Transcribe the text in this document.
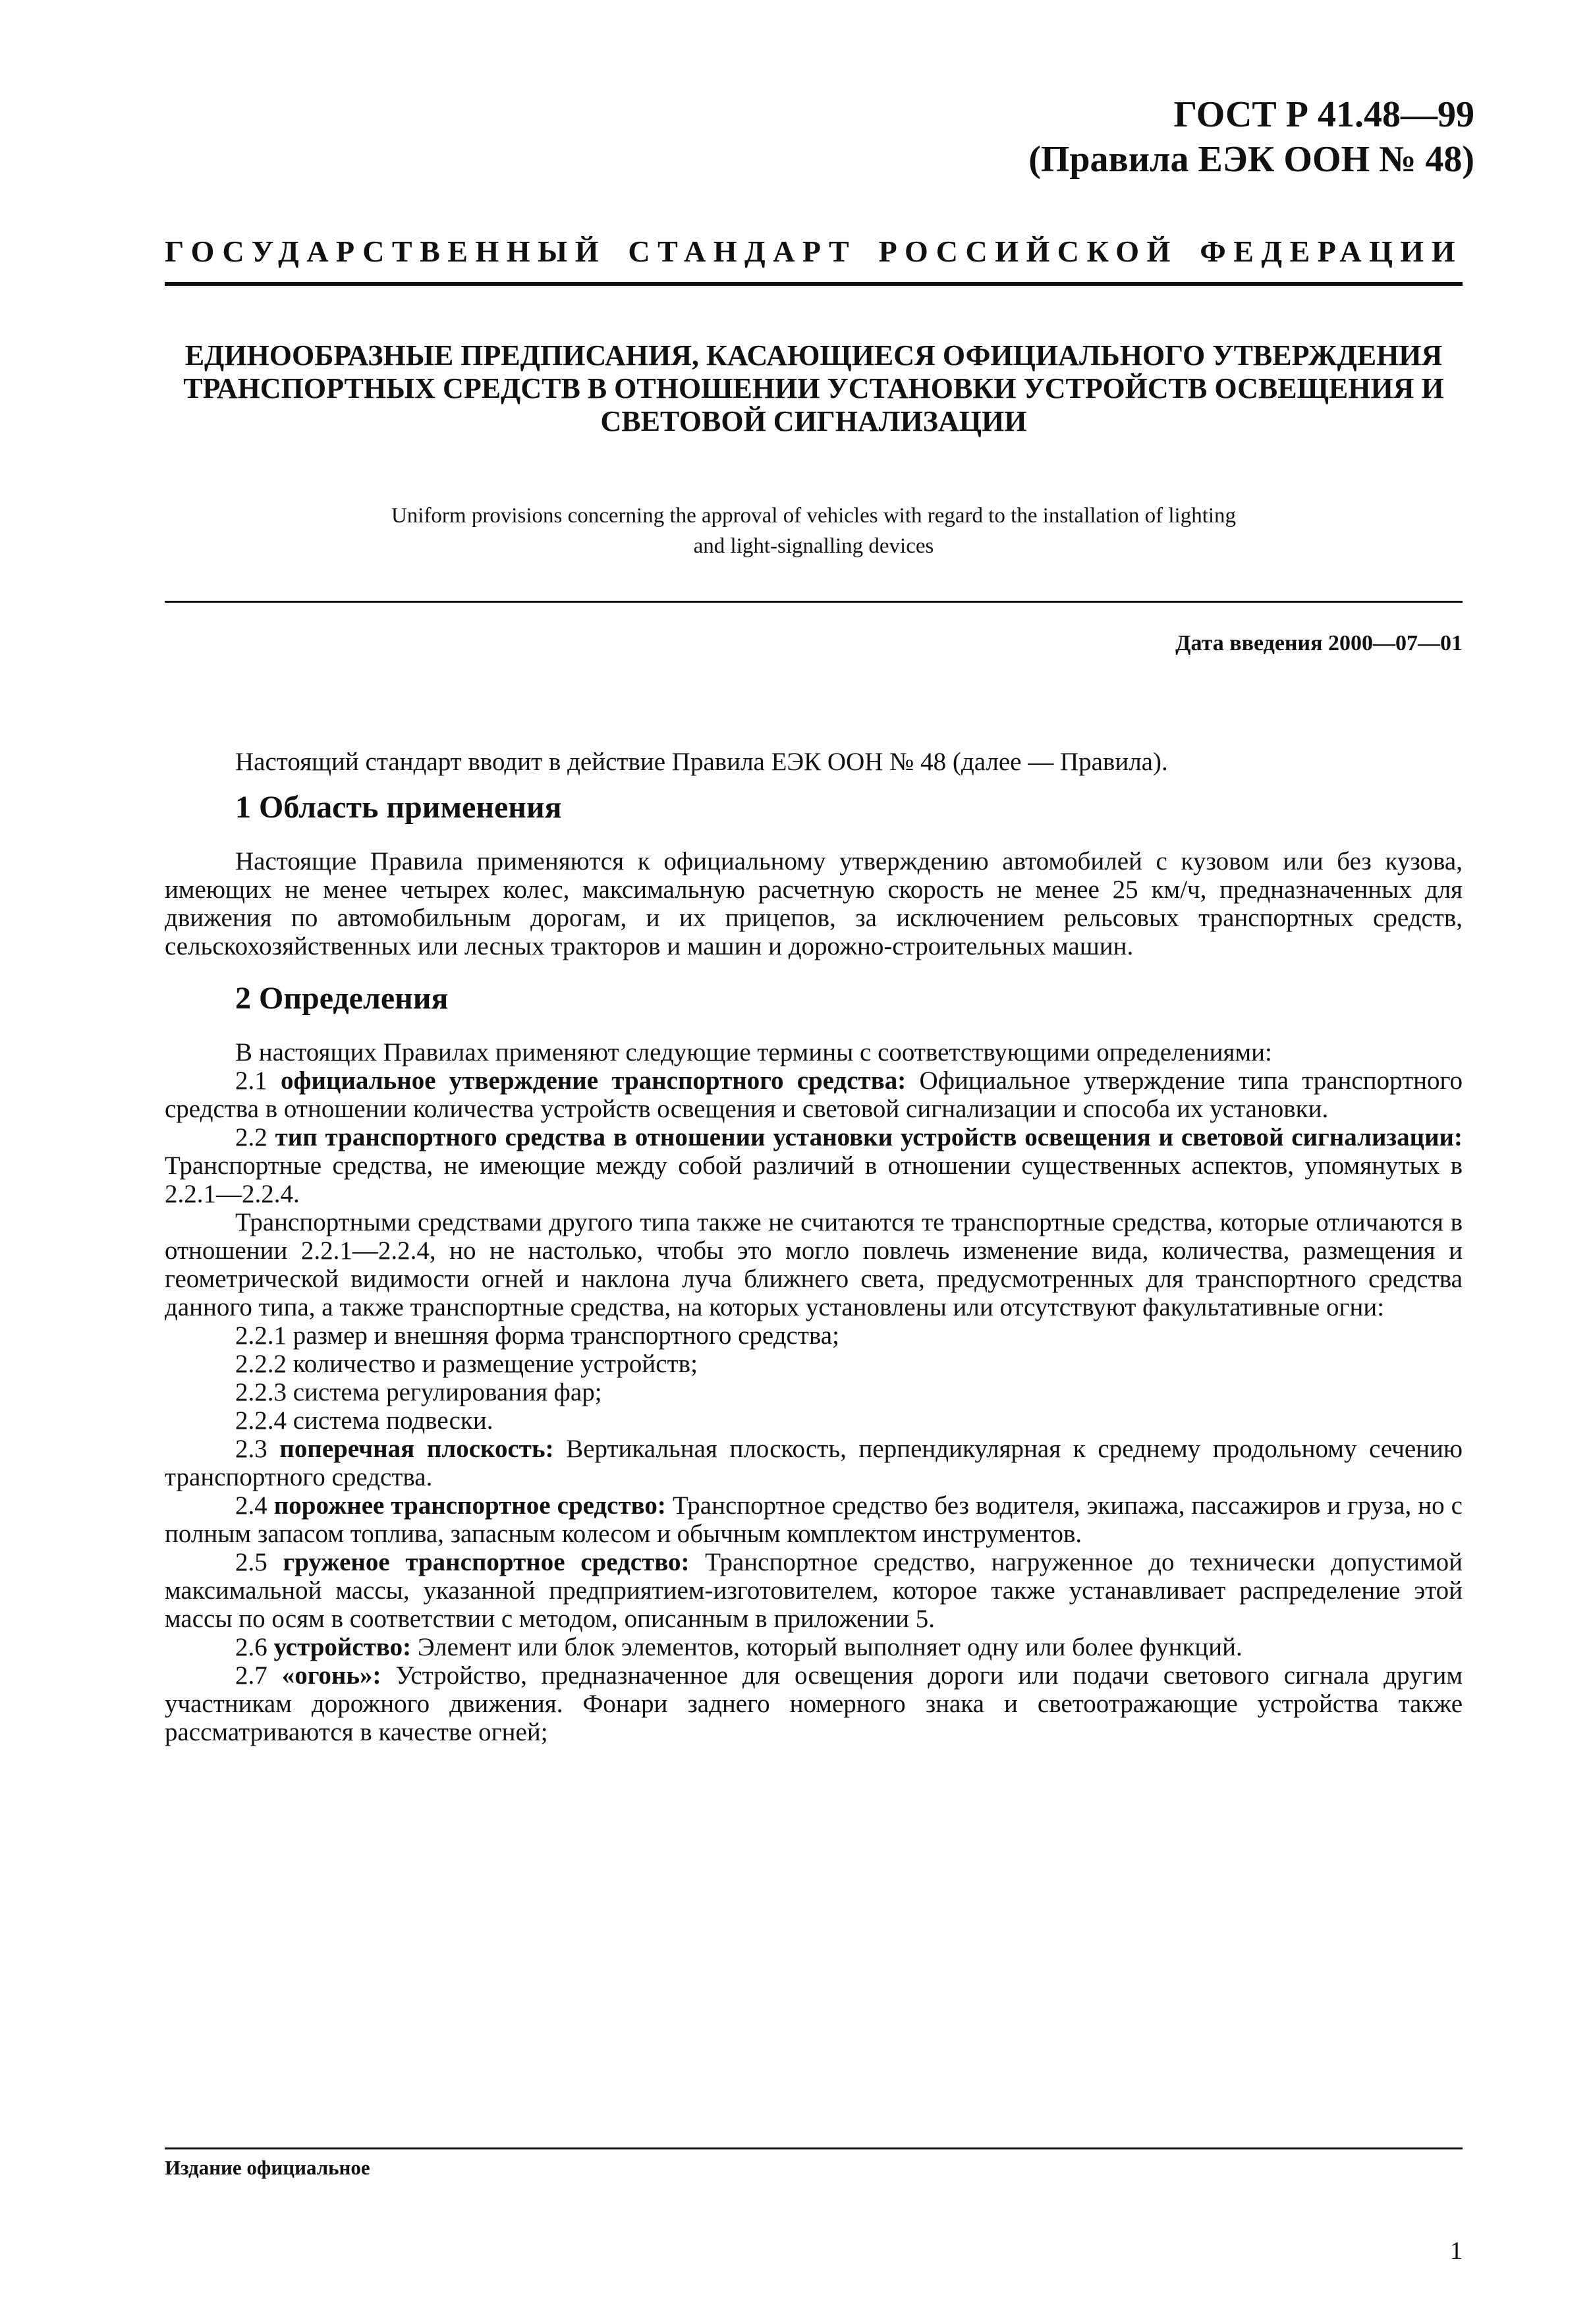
ГОСТ Р 41.48—99
(Правила ЕЭК ООН № 48)
ГОСУДАРСТВЕННЫЙ СТАНДАРТ РОССИЙСКОЙ ФЕДЕРАЦИИ
ЕДИНООБРАЗНЫЕ ПРЕДПИСАНИЯ, КАСАЮЩИЕСЯ ОФИЦИАЛЬНОГО УТВЕРЖДЕНИЯ
ТРАНСПОРТНЫХ СРЕДСТВ В ОТНОШЕНИИ УСТАНОВКИ УСТРОЙСТВ ОСВЕЩЕНИЯ И
СВЕТОВОЙ СИГНАЛИЗАЦИИ
Uniform provisions concerning the approval of vehicles with regard to the installation of lighting
and light-signalling devices
Дата введения 2000—07—01

Настоящий стандарт вводит в действие Правила ЕЭК ООН № 48 (далее — Правила).

1 Область применения

Настоящие Правила применяются к официальному утверждению автомобилей с кузовом или без кузова, имеющих не менее четырех колес, максимальную расчетную скорость не менее 25 км/ч, предназначенных для движения по автомобильным дорогам, и их прицепов, за исключением рельсовых транспортных средств, сельскохозяйственных или лесных тракторов и машин и дорожно-строительных машин.

2 Определения

В настоящих Правилах применяют следующие термины с соответствующими определениями:

2.1 официальное утверждение транспортного средства: Официальное утверждение типа транспортного средства в отношении количества устройств освещения и световой сигнализации и способа их установки.

2.2 тип транспортного средства в отношении установки устройств освещения и световой сигнализации: Транспортные средства, не имеющие между собой различий в отношении существенных аспектов, упомянутых в 2.2.1—2.2.4.

Транспортными средствами другого типа также не считаются те транспортные средства, которые отличаются в отношении 2.2.1—2.2.4, но не настолько, чтобы это могло повлечь изменение вида, количества, размещения и геометрической видимости огней и наклона луча ближнего света, предусмотренных для транспортного средства данного типа, а также транспортные средства, на которых установлены или отсутствуют факультативные огни:

2.2.1 размер и внешняя форма транспортного средства;

2.2.2 количество и размещение устройств;

2.2.3 система регулирования фар;

2.2.4 система подвески.

2.3 поперечная плоскость: Вертикальная плоскость, перпендикулярная к среднему продольному сечению транспортного средства.

2.4 порожнее транспортное средство: Транспортное средство без водителя, экипажа, пассажиров и груза, но с полным запасом топлива, запасным колесом и обычным комплектом инструментов.

2.5 груженое транспортное средство: Транспортное средство, нагруженное до технически допустимой максимальной массы, указанной предприятием-изготовителем, которое также устанавливает распределение этой массы по осям в соответствии с методом, описанным в приложении 5.

2.6 устройство: Элемент или блок элементов, который выполняет одну или более функций.

2.7 «огонь»: Устройство, предназначенное для освещения дороги или подачи светового сигнала другим участникам дорожного движения. Фонари заднего номерного знака и светоотражающие устройства также рассматриваются в качестве огней;

Издание официальное
1
